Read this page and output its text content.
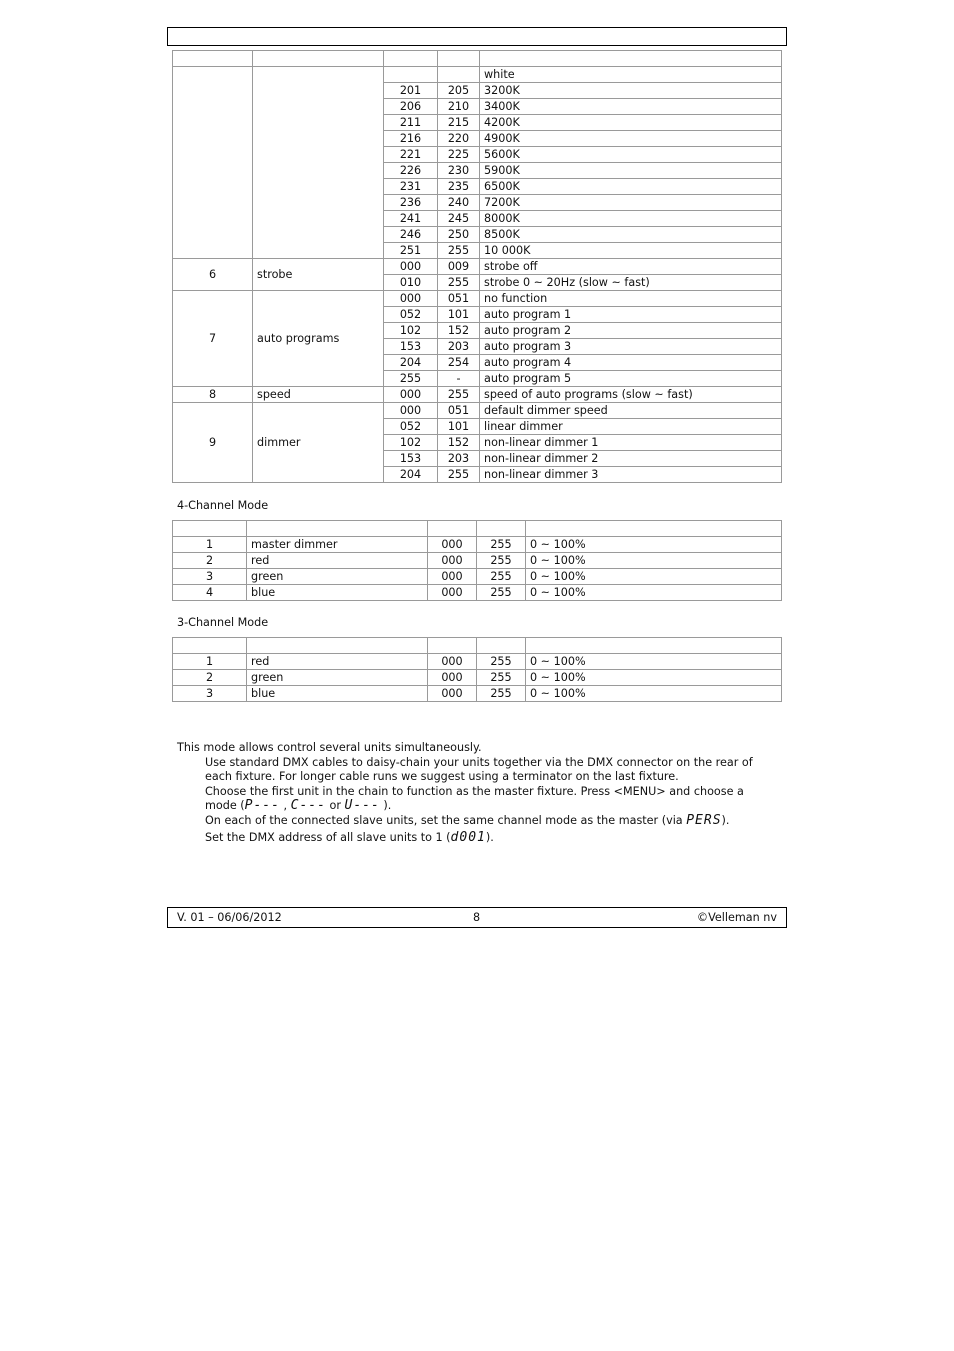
				white
		201	205	3200K
		206	210	3400K
		211	215	4200K
		216	220	4900K
		221	225	5600K
		226	230	5900K
		231	235	6500K
		236	240	7200K
		241	245	8000K
		246	250	8500K
		251	255	10 000K
6	strobe	000	009	strobe off
		010	255	strobe 0 ~ 20Hz (slow ~ fast)
7	auto programs	000	051	no function
		052	101	auto program 1
		102	152	auto program 2
		153	203	auto program 3
		204	254	auto program 4
		255	-	auto program 5
8	speed	000	255	speed of auto programs (slow ~ fast)
9	dimmer	000	051	default dimmer speed
		052	101	linear dimmer
		102	152	non-linear dimmer 1
		153	203	non-linear dimmer 2
		204	255	non-linear dimmer 3
4-Channel Mode

1	master dimmer	000	255	0 ~ 100%
2	red	000	255	0 ~ 100%
3	green	000	255	0 ~ 100%
4	blue	000	255	0 ~ 100%
3-Channel Mode

1	red	000	255	0 ~ 100%
2	green	000	255	0 ~ 100%
3	blue	000	255	0 ~ 100%
This mode allows control several units simultaneously.
Use standard DMX cables to daisy-chain your units together via the DMX connector on the rear of each fixture. For longer cable runs we suggest using a terminator on the last fixture.
Choose the first unit in the chain to function as the master fixture. Press <MENU> and choose a mode (P--- , C--- or U--- ).
On each of the connected slave units, set the same channel mode as the master (via PERS).
Set the DMX address of all slave units to 1 (d001).
V. 01 – 06/06/2012	8	©Velleman nv
